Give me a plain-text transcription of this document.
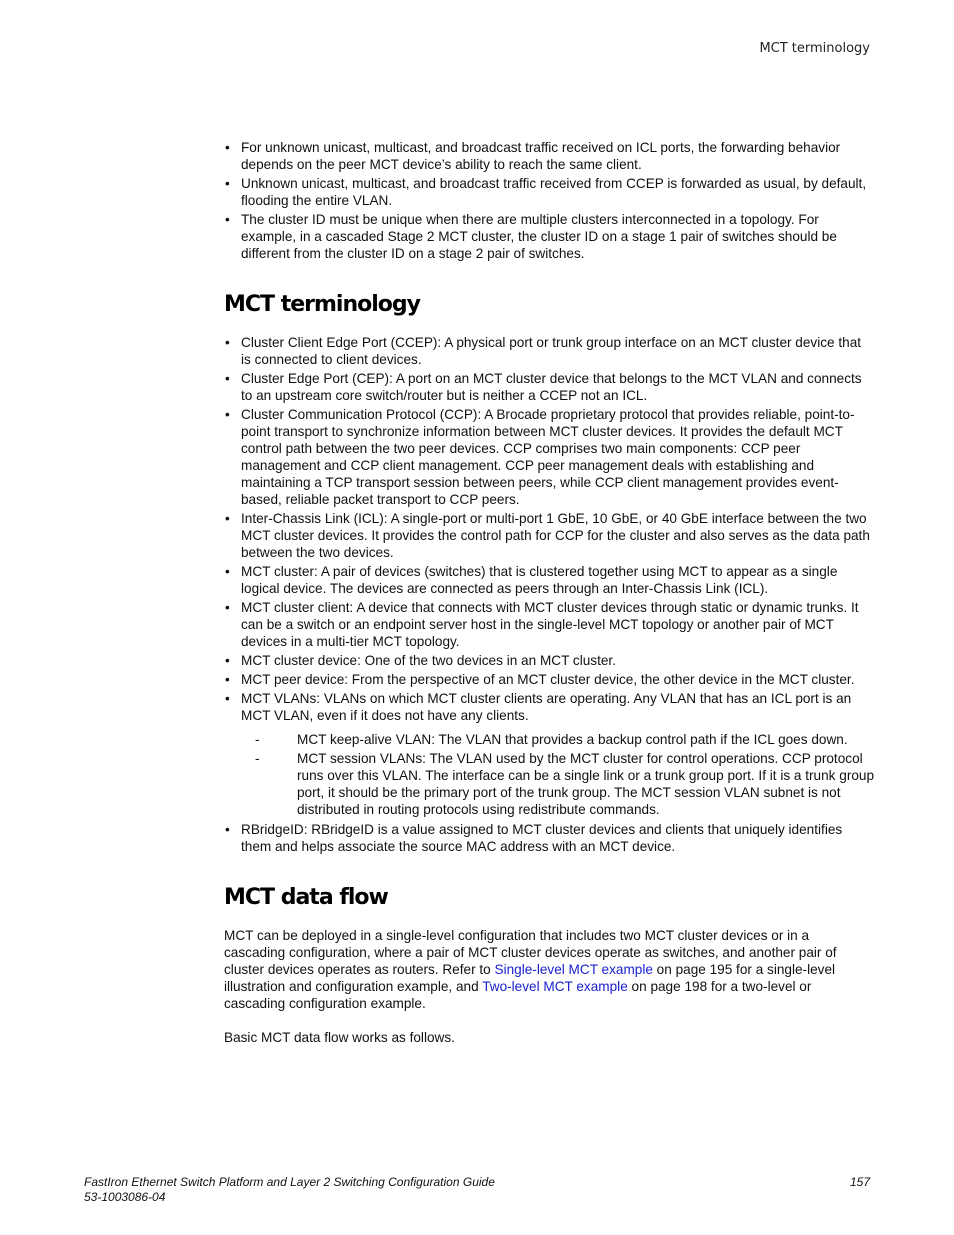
MCT terminology
• For unknown unicast, multicast, and broadcast traffic received on ICL ports, the forwarding behavior depends on the peer MCT device’s ability to reach the same client.
• Unknown unicast, multicast, and broadcast traffic received from CCEP is forwarded as usual, by default, flooding the entire VLAN.
• The cluster ID must be unique when there are multiple clusters interconnected in a topology. For example, in a cascaded Stage 2 MCT cluster, the cluster ID on a stage 1 pair of switches should be different from the cluster ID on a stage 2 pair of switches.
MCT terminology
• Cluster Client Edge Port (CCEP): A physical port or trunk group interface on an MCT cluster device that is connected to client devices.
• Cluster Edge Port (CEP): A port on an MCT cluster device that belongs to the MCT VLAN and connects to an upstream core switch/router but is neither a CCEP not an ICL.
• Cluster Communication Protocol (CCP): A Brocade proprietary protocol that provides reliable, point-to-point transport to synchronize information between MCT cluster devices. It provides the default MCT control path between the two peer devices. CCP comprises two main components: CCP peer management and CCP client management. CCP peer management deals with establishing and maintaining a TCP transport session between peers, while CCP client management provides event-based, reliable packet transport to CCP peers.
• Inter-Chassis Link (ICL): A single-port or multi-port 1 GbE, 10 GbE, or 40 GbE interface between the two MCT cluster devices. It provides the control path for CCP for the cluster and also serves as the data path between the two devices.
• MCT cluster: A pair of devices (switches) that is clustered together using MCT to appear as a single logical device. The devices are connected as peers through an Inter-Chassis Link (ICL).
• MCT cluster client: A device that connects with MCT cluster devices through static or dynamic trunks. It can be a switch or an endpoint server host in the single-level MCT topology or another pair of MCT devices in a multi-tier MCT topology.
• MCT cluster device: One of the two devices in an MCT cluster.
• MCT peer device: From the perspective of an MCT cluster device, the other device in the MCT cluster.
• MCT VLANs: VLANs on which MCT cluster clients are operating. Any VLAN that has an ICL port is an MCT VLAN, even if it does not have any clients.
- MCT keep-alive VLAN: The VLAN that provides a backup control path if the ICL goes down.
- MCT session VLANs: The VLAN used by the MCT cluster for control operations. CCP protocol runs over this VLAN. The interface can be a single link or a trunk group port. If it is a trunk group port, it should be the primary port of the trunk group. The MCT session VLAN subnet is not distributed in routing protocols using redistribute commands.
• RBridgeID: RBridgeID is a value assigned to MCT cluster devices and clients that uniquely identifies them and helps associate the source MAC address with an MCT device.
MCT data flow

MCT can be deployed in a single-level configuration that includes two MCT cluster devices or in a cascading configuration, where a pair of MCT cluster devices operate as switches, and another pair of cluster devices operates as routers. Refer to Single-level MCT example on page 195 for a single-level illustration and configuration example, and Two-level MCT example on page 198 for a two-level or cascading configuration example.

Basic MCT data flow works as follows.

FastIron Ethernet Switch Platform and Layer 2 Switching Configuration Guide
53-1003086-04
157
